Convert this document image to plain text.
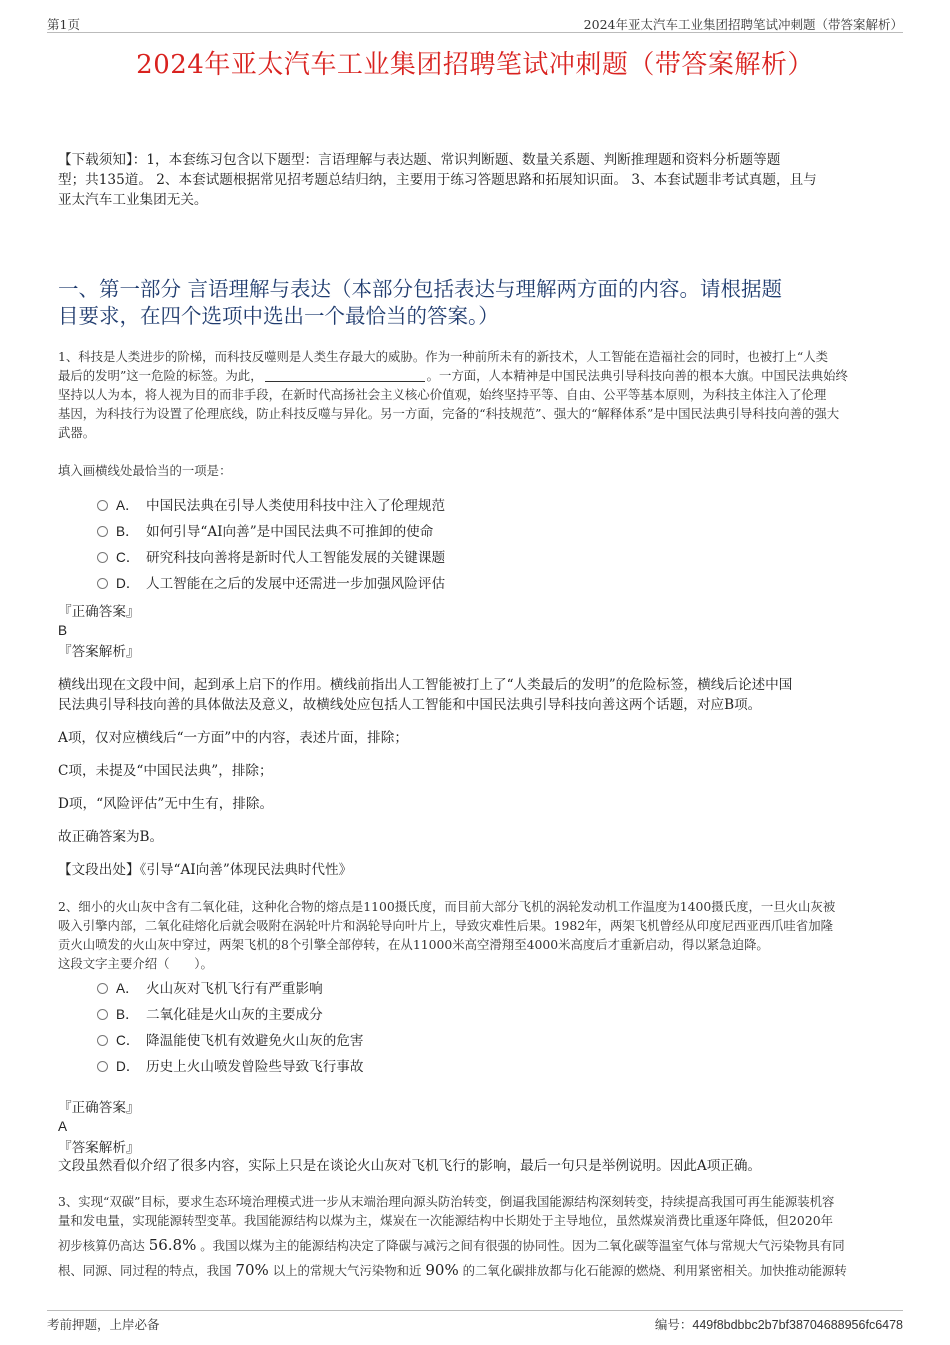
第1页	2024年亚太汽车工业集团招聘笔试冲刺题（带答案解析）
2024年亚太汽车工业集团招聘笔试冲刺题（带答案解析）
【下载须知】：1，本套练习包含以下题型：言语理解与表达题、常识判断题、数量关系题、判断推理题和资料分析题等题
型；共135道。 2、本套试题根据常见招考题总结归纳，主要用于练习答题思路和拓展知识面。 3、本套试题非考试真题，且与
亚太汽车工业集团无关。
一、第一部分 言语理解与表达（本部分包括表达与理解两方面的内容。请根据题
目要求，在四个选项中选出一个最恰当的答案。）
1、科技是人类进步的阶梯，而科技反噬则是人类生存最大的威胁。作为一种前所未有的新技术，人工智能在造福社会的同时，也被打上“人类
最后的发明”这一危险的标签。为此，	。一方面，人本精神是中国民法典引导科技向善的根本大旗。中国民法典始终
坚持以人为本，将人视为目的而非手段，在新时代高扬社会主义核心价值观，始终坚持平等、自由、公平等基本原则，为科技主体注入了伦理
基因，为科技行为设置了伦理底线，防止科技反噬与异化。另一方面，完备的“科技规范”、强大的“解释体系”是中国民法典引导科技向善的强大
武器。
填入画横线处最恰当的一项是：
A． 中国民法典在引导人类使用科技中注入了伦理规范
B． 如何引导“AI向善”是中国民法典不可推卸的使命
C． 研究科技向善将是新时代人工智能发展的关键课题
D． 人工智能在之后的发展中还需进一步加强风险评估
『正确答案』
B
『答案解析』
横线出现在文段中间，起到承上启下的作用。横线前指出人工智能被打上了“人类最后的发明”的危险标签，横线后论述中国
民法典引导科技向善的具体做法及意义，故横线处应包括人工智能和中国民法典引导科技向善这两个话题，对应B项。
A项，仅对应横线后“一方面”中的内容，表述片面，排除；
C项，未提及“中国民法典”，排除；
D项，“风险评估”无中生有，排除。
故正确答案为B。
【文段出处】《引导“AI向善”体现民法典时代性》
2、细小的火山灰中含有二氧化硅，这种化合物的熔点是1100摄氏度，而目前大部分飞机的涡轮发动机工作温度为1400摄氏度，一旦火山灰被
吸入引擎内部，二氧化硅熔化后就会吸附在涡轮叶片和涡轮导向叶片上，导致灾难性后果。1982年，两架飞机曾经从印度尼西亚西爪哇省加隆
贡火山喷发的火山灰中穿过，两架飞机的8个引擎全部停转，在从11000米高空滑翔至4000米高度后才重新启动，得以紧急迫降。
这段文字主要介绍（　　）。
A． 火山灰对飞机飞行有严重影响
B． 二氧化硅是火山灰的主要成分
C． 降温能使飞机有效避免火山灰的危害
D． 历史上火山喷发曾险些导致飞行事故
『正确答案』
A
『答案解析』
文段虽然看似介绍了很多内容，实际上只是在谈论火山灰对飞机飞行的影响，最后一句只是举例说明。因此A项正确。
3、实现“双碳”目标，要求生态环境治理模式进一步从末端治理向源头防治转变，倒逼我国能源结构深刻转变，持续提高我国可再生能源装机容
量和发电量，实现能源转型变革。我国能源结构以煤为主，煤炭在一次能源结构中长期处于主导地位，虽然煤炭消费比重逐年降低，但2020年
初步核算仍高达 56.8% 。我国以煤为主的能源结构决定了降碳与减污之间有很强的协同性。因为二氧化碳等温室气体与常规大气污染物具有同
根、同源、同过程的特点，我国 70% 以上的常规大气污染物和近 90% 的二氧化碳排放都与化石能源的燃烧、利用紧密相关。加快推动能源转
考前押题，上岸必备	编号：449f8bdbbc2b7bf38704688956fc6478
